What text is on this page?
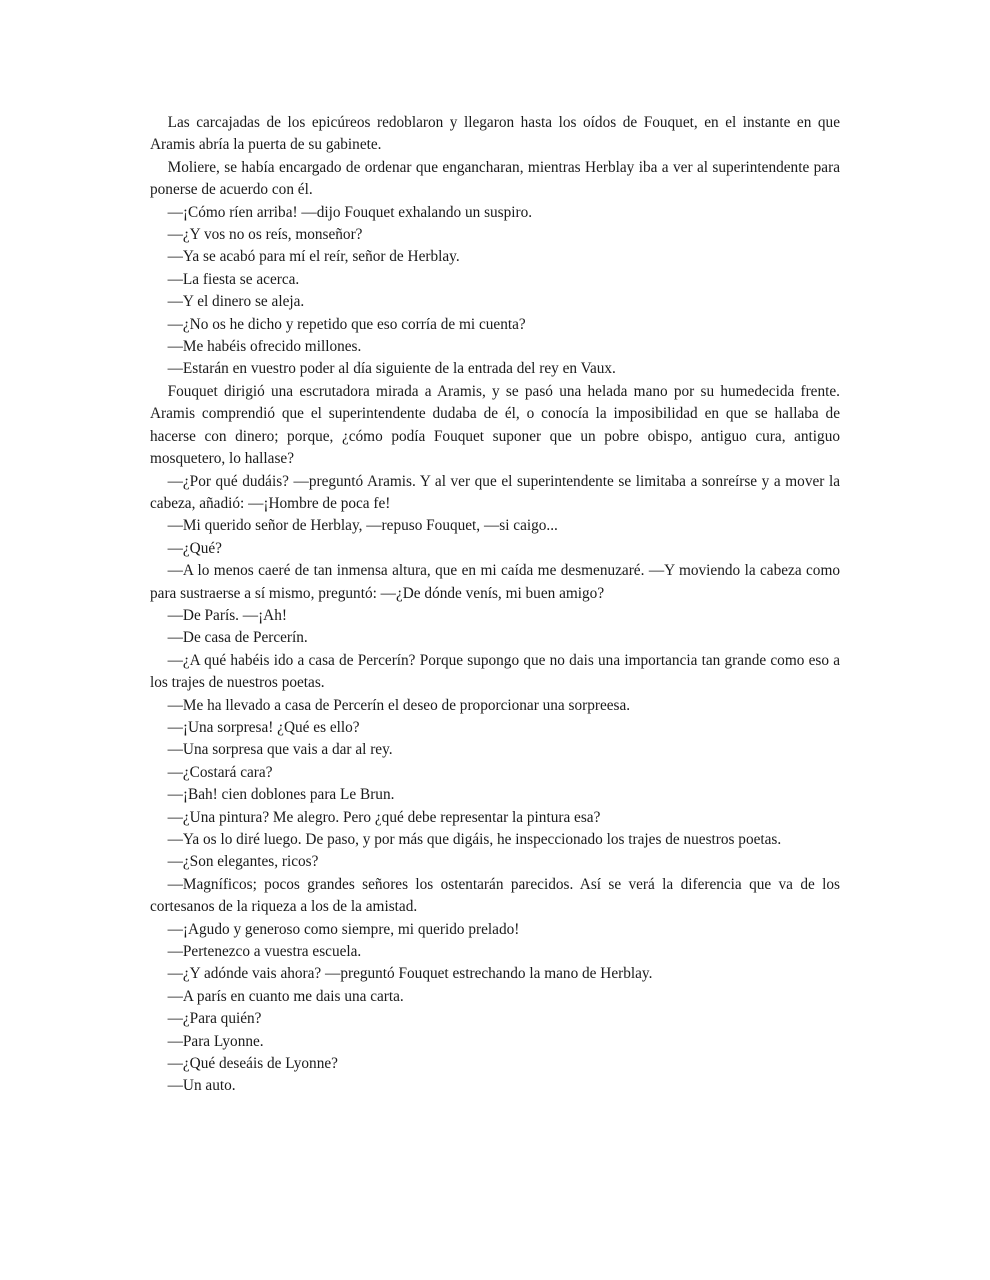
Las carcajadas de los epicúreos redoblaron y llegaron hasta los oídos de Fouquet, en el instante en que Aramis abría la puerta de su gabinete.

Moliere, se había encargado de ordenar que engancharan, mientras Herblay iba a ver al superintendente para ponerse de acuerdo con él.

—¡Cómo ríen arriba! —dijo Fouquet exhalando un suspiro.

—¿Y vos no os reís, monseñor?

—Ya se acabó para mí el reír, señor de Herblay.

—La fiesta se acerca.

—Y el dinero se aleja.

—¿No os he dicho y repetido que eso corría de mi cuenta?

—Me habéis ofrecido millones.

—Estarán en vuestro poder al día siguiente de la entrada del rey en Vaux.

Fouquet dirigió una escrutadora mirada a Aramis, y se pasó una helada mano por su humedecida frente. Aramis comprendió que el superintendente dudaba de él, o conocía la imposibilidad en que se hallaba de hacerse con dinero; porque, ¿cómo podía Fouquet suponer que un pobre obispo, antiguo cura, antiguo mosquetero, lo hallase?

—¿Por qué dudáis? —preguntó Aramis. Y al ver que el superintendente se limitaba a sonreírse y a mover la cabeza, añadió: —¡Hombre de poca fe!

—Mi querido señor de Herblay, —repuso Fouquet, —si caigo...

—¿Qué?

—A lo menos caeré de tan inmensa altura, que en mi caída me desmenuzaré. —Y moviendo la cabeza como para sustraerse a sí mismo, preguntó: —¿De dónde venís, mi buen amigo?

—De París. —¡Ah!

—De casa de Percerín.

—¿A qué habéis ido a casa de Percerín? Porque supongo que no dais una importancia tan grande como eso a los trajes de nuestros poetas.

—Me ha llevado a casa de Percerín el deseo de proporcionar una sorpreesa.

—¡Una sorpresa! ¿Qué es ello?

—Una sorpresa que vais a dar al rey.

—¿Costará cara?

—¡Bah! cien doblones para Le Brun.

—¿Una pintura? Me alegro. Pero ¿qué debe representar la pintura esa?

—Ya os lo diré luego. De paso, y por más que digáis, he inspeccionado los trajes de nuestros poetas.

—¿Son elegantes, ricos?

—Magníficos; pocos grandes señores los ostentarán parecidos. Así se verá la diferencia que va de los cortesanos de la riqueza a los de la amistad.

—¡Agudo y generoso como siempre, mi querido prelado!

—Pertenezco a vuestra escuela.

—¿Y adónde vais ahora? —preguntó Fouquet estrechando la mano de Herblay.

—A parís en cuanto me dais una carta.

—¿Para quién?

—Para Lyonne.

—¿Qué deseáis de Lyonne?

—Un auto.
